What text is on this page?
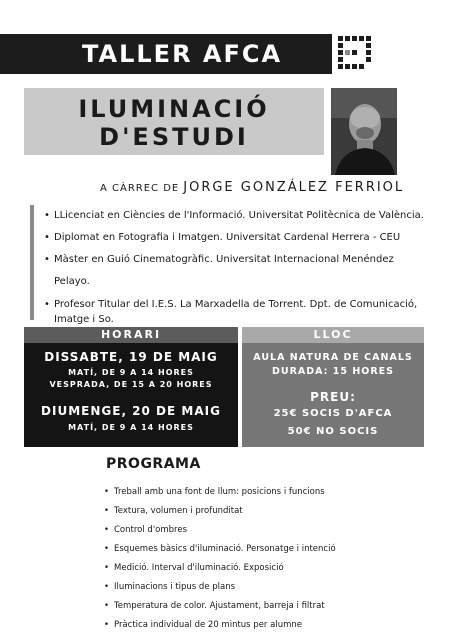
TALLER AFCA
ILUMINACIÓ
D'ESTUDI
A CÀRREC DE JORGE GONZÁLEZ FERRIOL
• LLicenciat en Ciències de l'Informació. Universitat Politècnica de València.
• Diplomat en Fotografia i Imatgen. Universitat Cardenal Herrera - CEU
• Màster en Guió Cinematogràfic. Universitat Internacional Menéndez Pelayo.
• Profesor Titular del I.E.S. La Marxadella de Torrent. Dpt. de Comunicació, Imatge i So.
HORARI
DISSABTE, 19 DE MAIG
MATÍ, DE 9 A 14 HORES
VESPRADA, DE 15 A 20 HORES
DIUMENGE, 20 DE MAIG
MATÍ, DE 9 A 14 HORES
LLOC
AULA NATURA DE CANALS
DURADA: 15 HORES
PREU:
25€ SOCIS D'AFCA
50€ NO SOCIS
PROGRAMA
• Treball amb una font de llum: posicions i funcions
• Textura, volumen i profunditat
• Control d'ombres
• Esquemes bàsics d'iluminació. Personatge i intenció
• Medició. Interval d'iluminació. Exposició
• Iluminacions i tipus de plans
• Temperatura de color. Ajustament, barreja i filtrat
• Pràctica individual de 20 mintus per alumne
